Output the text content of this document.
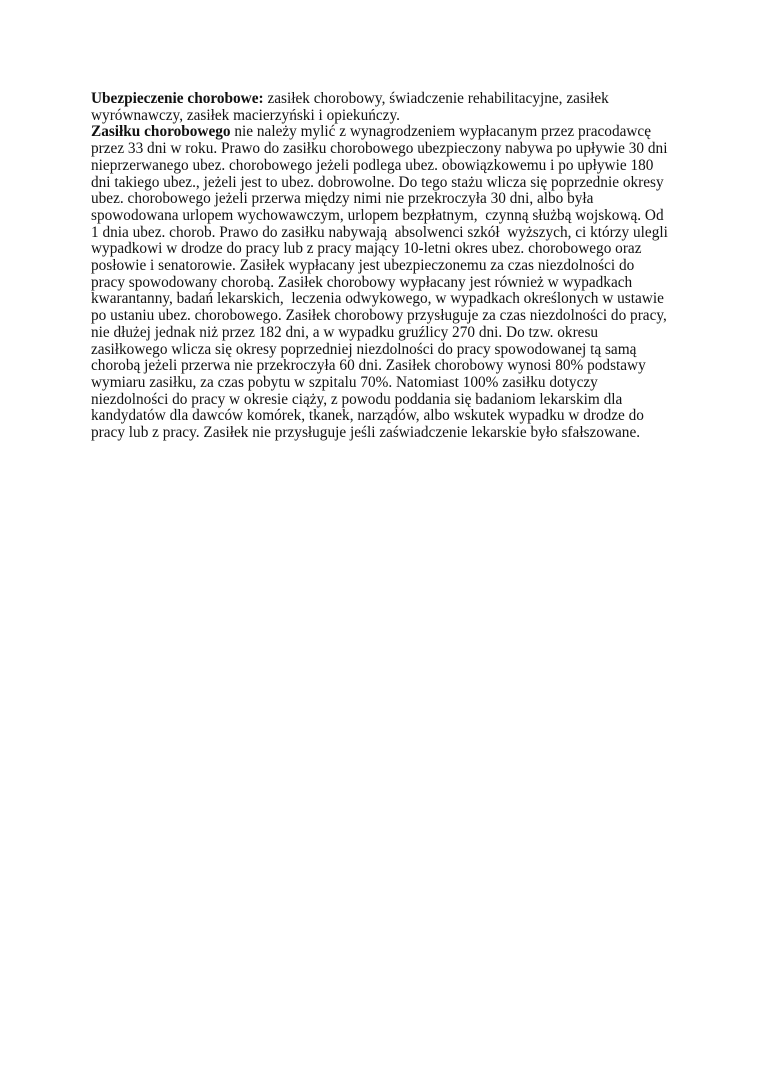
Ubezpieczenie chorobowe: zasiłek chorobowy, świadczenie rehabilitacyjne, zasiłek
wyrównawczy, zasiłek macierzyński i opiekuńczy.
Zasiłku chorobowego nie należy mylić z wynagrodzeniem wypłacanym przez pracodawcę
przez 33 dni w roku. Prawo do zasiłku chorobowego ubezpieczony nabywa po upływie 30 dni
nieprzerwanego ubez. chorobowego jeżeli podlega ubez. obowiązkowemu i po upływie 180
dni takiego ubez., jeżeli jest to ubez. dobrowolne. Do tego stażu wlicza się poprzednie okresy
ubez. chorobowego jeżeli przerwa między nimi nie przekroczyła 30 dni, albo była
spowodowana urlopem wychowawczym, urlopem bezpłatnym,  czynną służbą wojskową. Od
1 dnia ubez. chorob. Prawo do zasiłku nabywają  absolwenci szkół  wyższych, ci którzy ulegli
wypadkowi w drodze do pracy lub z pracy mający 10-letni okres ubez. chorobowego oraz
posłowie i senatorowie. Zasiłek wypłacany jest ubezpieczonemu za czas niezdolności do
pracy spowodowany chorobą. Zasiłek chorobowy wypłacany jest również w wypadkach
kwarantanny, badań lekarskich,  leczenia odwykowego, w wypadkach określonych w ustawie
po ustaniu ubez. chorobowego. Zasiłek chorobowy przysługuje za czas niezdolności do pracy,
nie dłużej jednak niż przez 182 dni, a w wypadku gruźlicy 270 dni. Do tzw. okresu
zasiłkowego wlicza się okresy poprzedniej niezdolności do pracy spowodowanej tą samą
chorobą jeżeli przerwa nie przekroczyła 60 dni. Zasiłek chorobowy wynosi 80% podstawy
wymiaru zasiłku, za czas pobytu w szpitalu 70%. Natomiast 100% zasiłku dotyczy
niezdolności do pracy w okresie ciąży, z powodu poddania się badaniom lekarskim dla
kandydatów dla dawców komórek, tkanek, narządów, albo wskutek wypadku w drodze do
pracy lub z pracy. Zasiłek nie przysługuje jeśli zaświadczenie lekarskie było sfałszowane.
